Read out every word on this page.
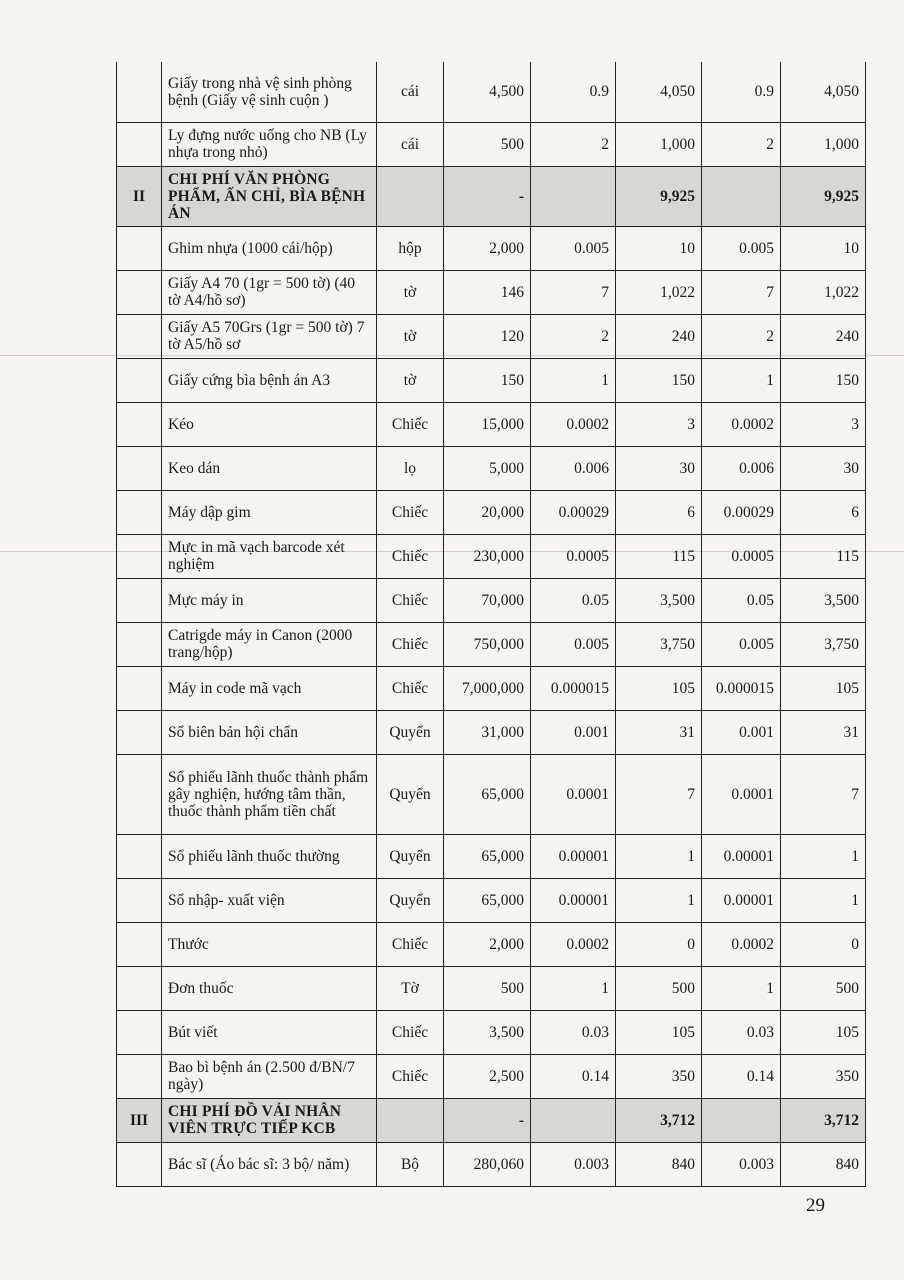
	Giấy trong nhà vệ sinh phòng bệnh (Giấy vệ sinh cuộn )	cái	4,500	0.9	4,050	0.9	4,050
	Ly đựng nước uống cho NB (Ly nhựa trong nhỏ)	cái	500	2	1,000	2	1,000
II	CHI PHÍ VĂN PHÒNG PHẨM, ẤN CHỈ, BÌA BỆNH ÁN		-		9,925		9,925
	Ghim nhựa (1000 cái/hộp)	hộp	2,000	0.005	10	0.005	10
	Giấy A4 70 (1gr = 500 tờ) (40 tờ A4/hồ sơ)	tờ	146	7	1,022	7	1,022
	Giấy A5 70Grs (1gr = 500 tờ) 7 tờ A5/hồ sơ	tờ	120	2	240	2	240
	Giấy cứng bìa bệnh án A3	tờ	150	1	150	1	150
	Kéo	Chiếc	15,000	0.0002	3	0.0002	3
	Keo dán	lọ	5,000	0.006	30	0.006	30
	Máy dập gim	Chiếc	20,000	0.00029	6	0.00029	6
	Mực in mã vạch barcode xét nghiệm	Chiếc	230,000	0.0005	115	0.0005	115
	Mực máy in	Chiếc	70,000	0.05	3,500	0.05	3,500
	Catrigde máy in Canon (2000 trang/hộp)	Chiếc	750,000	0.005	3,750	0.005	3,750
	Máy in code mã vạch	Chiếc	7,000,000	0.000015	105	0.000015	105
	Sổ biên bản hội chẩn	Quyển	31,000	0.001	31	0.001	31
	Sổ phiếu lãnh thuốc thành phẩm gây nghiện, hướng tâm thần, thuốc thành phẩm tiền chất	Quyển	65,000	0.0001	7	0.0001	7
	Sổ phiếu lãnh thuốc thường	Quyển	65,000	0.00001	1	0.00001	1
	Sổ nhập- xuất viện	Quyển	65,000	0.00001	1	0.00001	1
	Thước	Chiếc	2,000	0.0002	0	0.0002	0
	Đơn thuốc	Tờ	500	1	500	1	500
	Bút viết	Chiếc	3,500	0.03	105	0.03	105
	Bao bì bệnh án (2.500 đ/BN/7 ngày)	Chiếc	2,500	0.14	350	0.14	350
III	CHI PHÍ ĐỒ VẢI NHÂN VIÊN TRỰC TIẾP KCB		-		3,712		3,712
	Bác sĩ (Áo bác sĩ: 3 bộ/ năm)	Bộ	280,060	0.003	840	0.003	840
29
